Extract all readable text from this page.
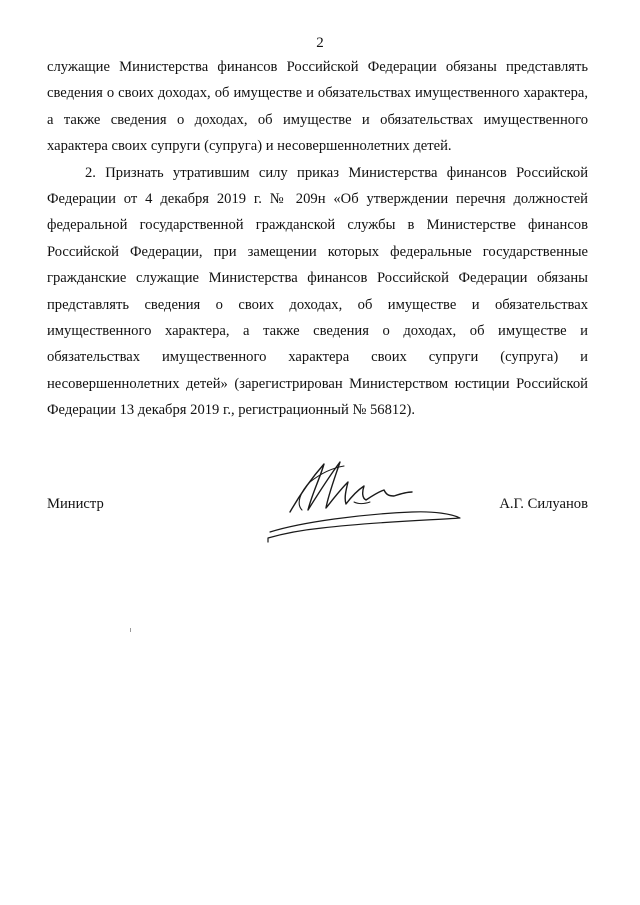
2

служащие Министерства финансов Российской Федерации обязаны представлять сведения о своих доходах, об имуществе и обязательствах имущественного характера, а также сведения о доходах, об имуществе и обязательствах имущественного характера своих супруги (супруга) и несовершеннолетних детей.

2. Признать утратившим силу приказ Министерства финансов Российской Федерации от 4 декабря 2019 г. № 209н «Об утверждении перечня должностей федеральной государственной гражданской службы в Министерстве финансов Российской Федерации, при замещении которых федеральные государственные гражданские служащие Министерства финансов Российской Федерации обязаны представлять сведения о своих доходах, об имуществе и обязательствах имущественного характера, а также сведения о доходах, об имуществе и обязательствах имущественного характера своих супруги (супруга) и несовершеннолетних детей» (зарегистрирован Министерством юстиции Российской Федерации 13 декабря 2019 г., регистрационный № 56812).

Министр	А.Г. Силуанов
